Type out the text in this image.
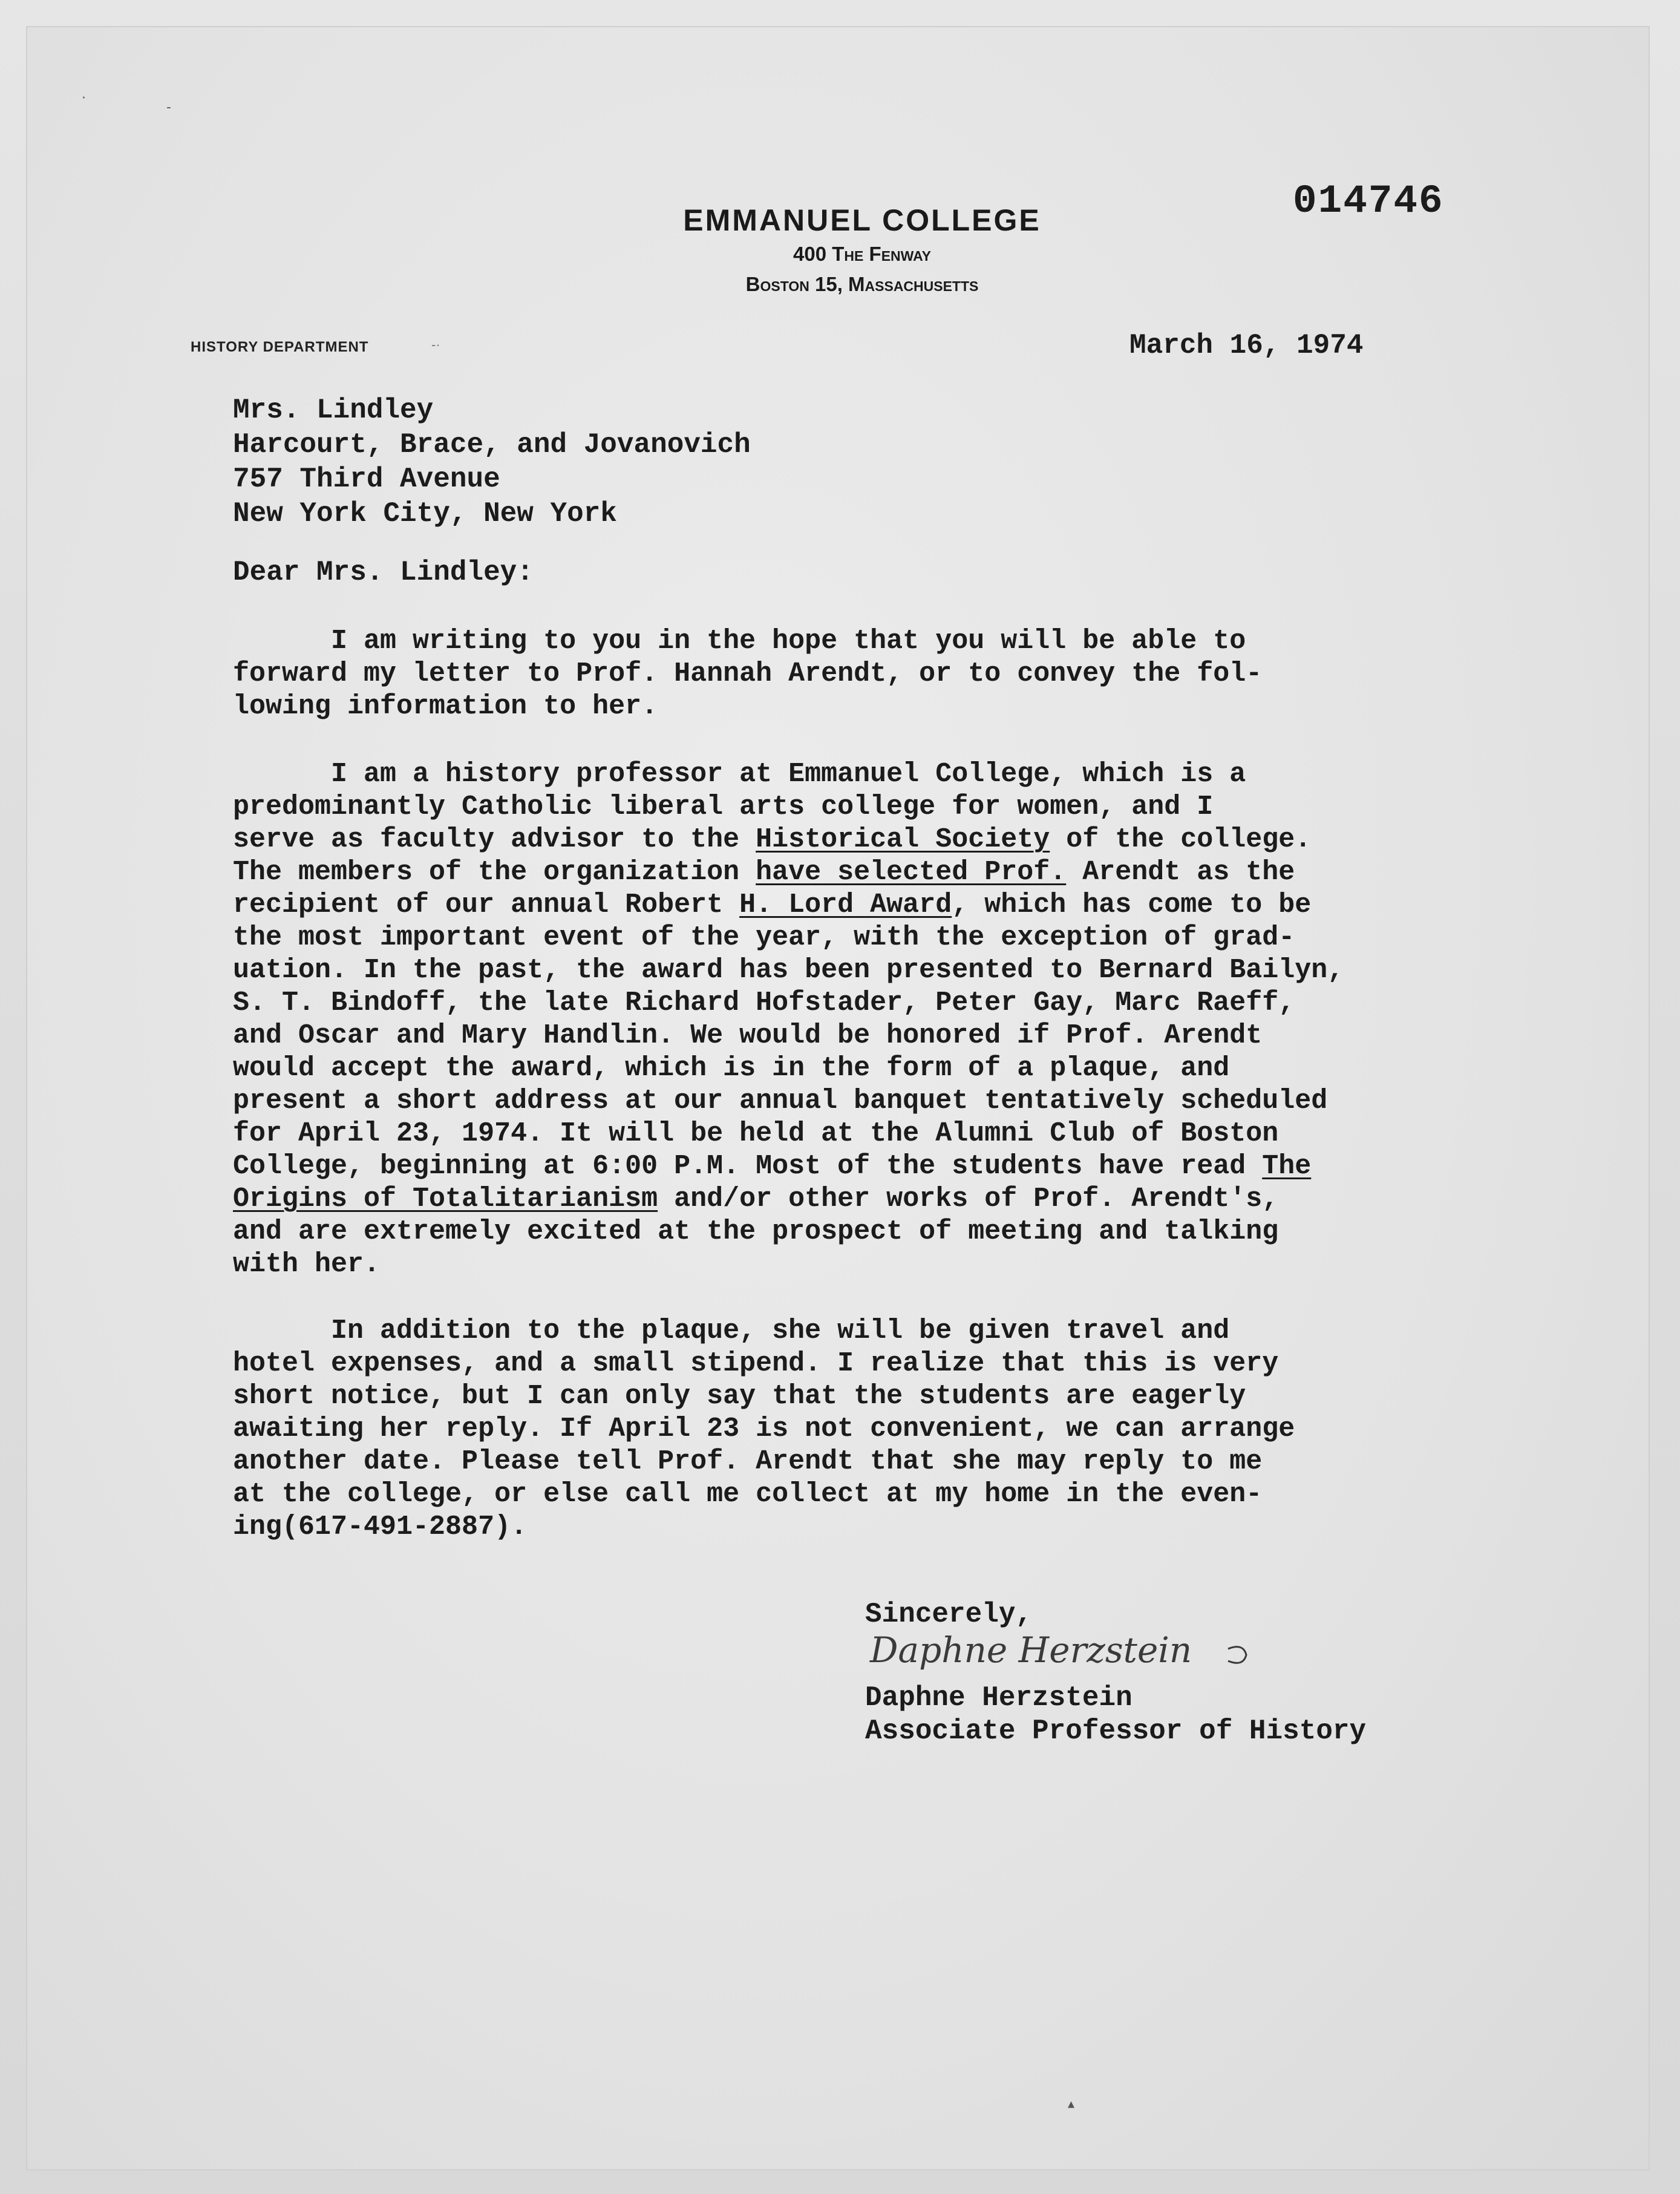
·
-
EMMANUEL COLLEGE
400 The Fenway
Boston 15, Massachusetts
014746
HISTORY DEPARTMENT	-·	March 16, 1974
Mrs. Lindley
Harcourt, Brace, and Jovanovich
757 Third Avenue
New York City, New York
Dear Mrs. Lindley:
I am writing to you in the hope that you will be able to
forward my letter to Prof. Hannah Arendt, or to convey the fol-
lowing information to her.
I am a history professor at Emmanuel College, which is a
predominantly Catholic liberal arts college for women, and I
serve as faculty advisor to the Historical Society of the college.
The members of the organization have selected Prof. Arendt as the
recipient of our annual Robert H. Lord Award, which has come to be
the most important event of the year, with the exception of grad-
uation. In the past, the award has been presented to Bernard Bailyn,
S. T. Bindoff, the late Richard Hofstader, Peter Gay, Marc Raeff,
and Oscar and Mary Handlin. We would be honored if Prof. Arendt
would accept the award, which is in the form of a plaque, and
present a short address at our annual banquet tentatively scheduled
for April 23, 1974. It will be held at the Alumni Club of Boston
College, beginning at 6:00 P.M. Most of the students have read The
Origins of Totalitarianism and/or other works of Prof. Arendt's,
and are extremely excited at the prospect of meeting and talking
with her.
In addition to the plaque, she will be given travel and
hotel expenses, and a small stipend. I realize that this is very
short notice, but I can only say that the students are eagerly
awaiting her reply. If April 23 is not convenient, we can arrange
another date. Please tell Prof. Arendt that she may reply to me
at the college, or else call me collect at my home in the even-
ing(617-491-2887).
Sincerely,
Daphne Herzstein
Daphne Herzstein
Associate Professor of History
▴
